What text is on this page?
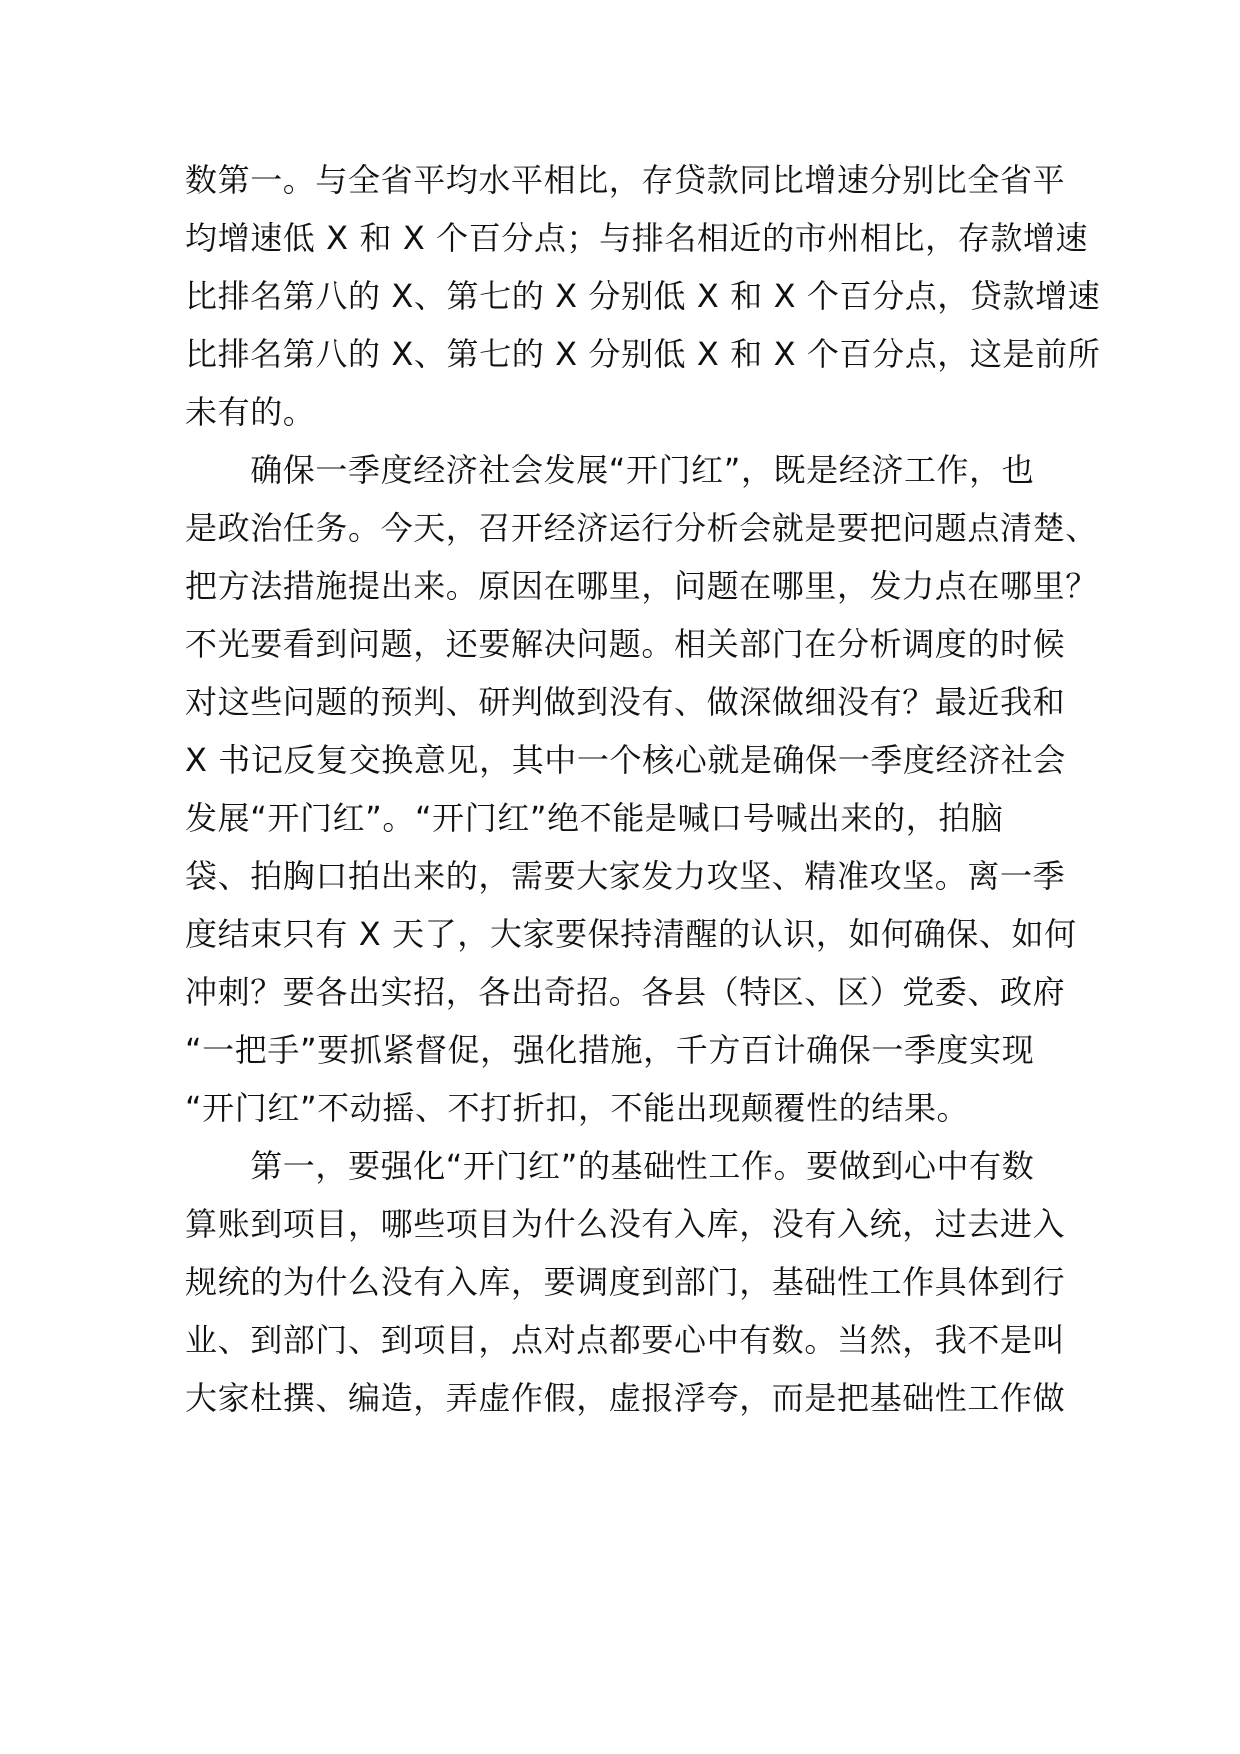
数第一。与全省平均水平相比，存贷款同比增速分别比全省平
均增速低 X 和 X 个百分点；与排名相近的市州相比，存款增速
比排名第八的 X、第七的 X 分别低 X 和 X 个百分点，贷款增速
比排名第八的 X、第七的 X 分别低 X 和 X 个百分点，这是前所
未有的。
　　确保一季度经济社会发展“开门红”，既是经济工作，也
是政治任务。今天，召开经济运行分析会就是要把问题点清楚、
把方法措施提出来。原因在哪里，问题在哪里，发力点在哪里？
不光要看到问题，还要解决问题。相关部门在分析调度的时候
对这些问题的预判、研判做到没有、做深做细没有？最近我和
X 书记反复交换意见，其中一个核心就是确保一季度经济社会
发展“开门红”。“开门红”绝不能是喊口号喊出来的，拍脑
袋、拍胸口拍出来的，需要大家发力攻坚、精准攻坚。离一季
度结束只有 X 天了，大家要保持清醒的认识，如何确保、如何
冲刺？要各出实招，各出奇招。各县（特区、区）党委、政府
“一把手”要抓紧督促，强化措施，千方百计确保一季度实现
“开门红”不动摇、不打折扣，不能出现颠覆性的结果。
　　第一，要强化“开门红”的基础性工作。要做到心中有数
算账到项目，哪些项目为什么没有入库，没有入统，过去进入
规统的为什么没有入库，要调度到部门，基础性工作具体到行
业、到部门、到项目，点对点都要心中有数。当然，我不是叫
大家杜撰、编造，弄虚作假，虚报浮夸，而是把基础性工作做
